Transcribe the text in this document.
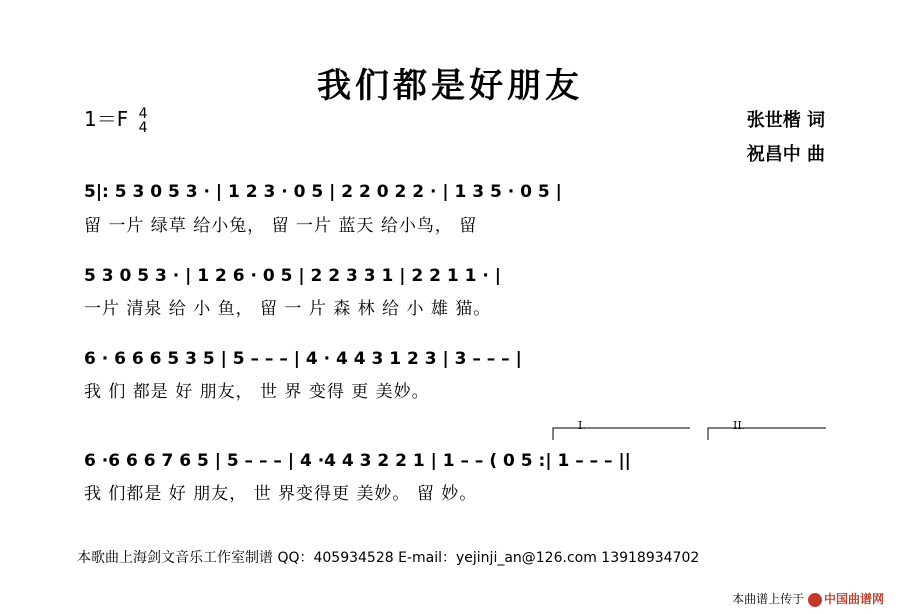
我们都是好朋友
1＝F 4
4	张世楷 词
祝昌中 曲
5|: 5 3 0 5 3 · | 1 2 3 · 0 5 | 2 2 0 2 2 · | 1 3 5 · 0 5 |
留 一片 绿草 给小兔， 留 一片 蓝天 给小鸟， 留
5 3 0 5 3 · | 1 2 6 · 0 5 | 2 2 3 3 1 | 2 2 1 1 · |
一片 清泉 给 小 鱼， 留 一 片 森 林 给 小 雄 猫。
6 · 6 6 6 5 3 5 | 5 – – – | 4 · 4 4 3 1 2 3 | 3 – – – |
我 们 都是 好 朋友， 世 界 变得 更 美妙。
6 ·6 6 6 7 6 5 | 5 – – – | 4 ·4 4 3 2 2 1 | 1 – – ( 0 5 :| 1 – – – ||
我 们都是 好 朋友， 世 界变得更 美妙。 留 妙。
I.	II.
本歌曲上海剑文音乐工作室制谱 QQ：405934528 E-mail：yejinji_an@126.com 13918934702
本曲谱上传于 中国曲谱网
